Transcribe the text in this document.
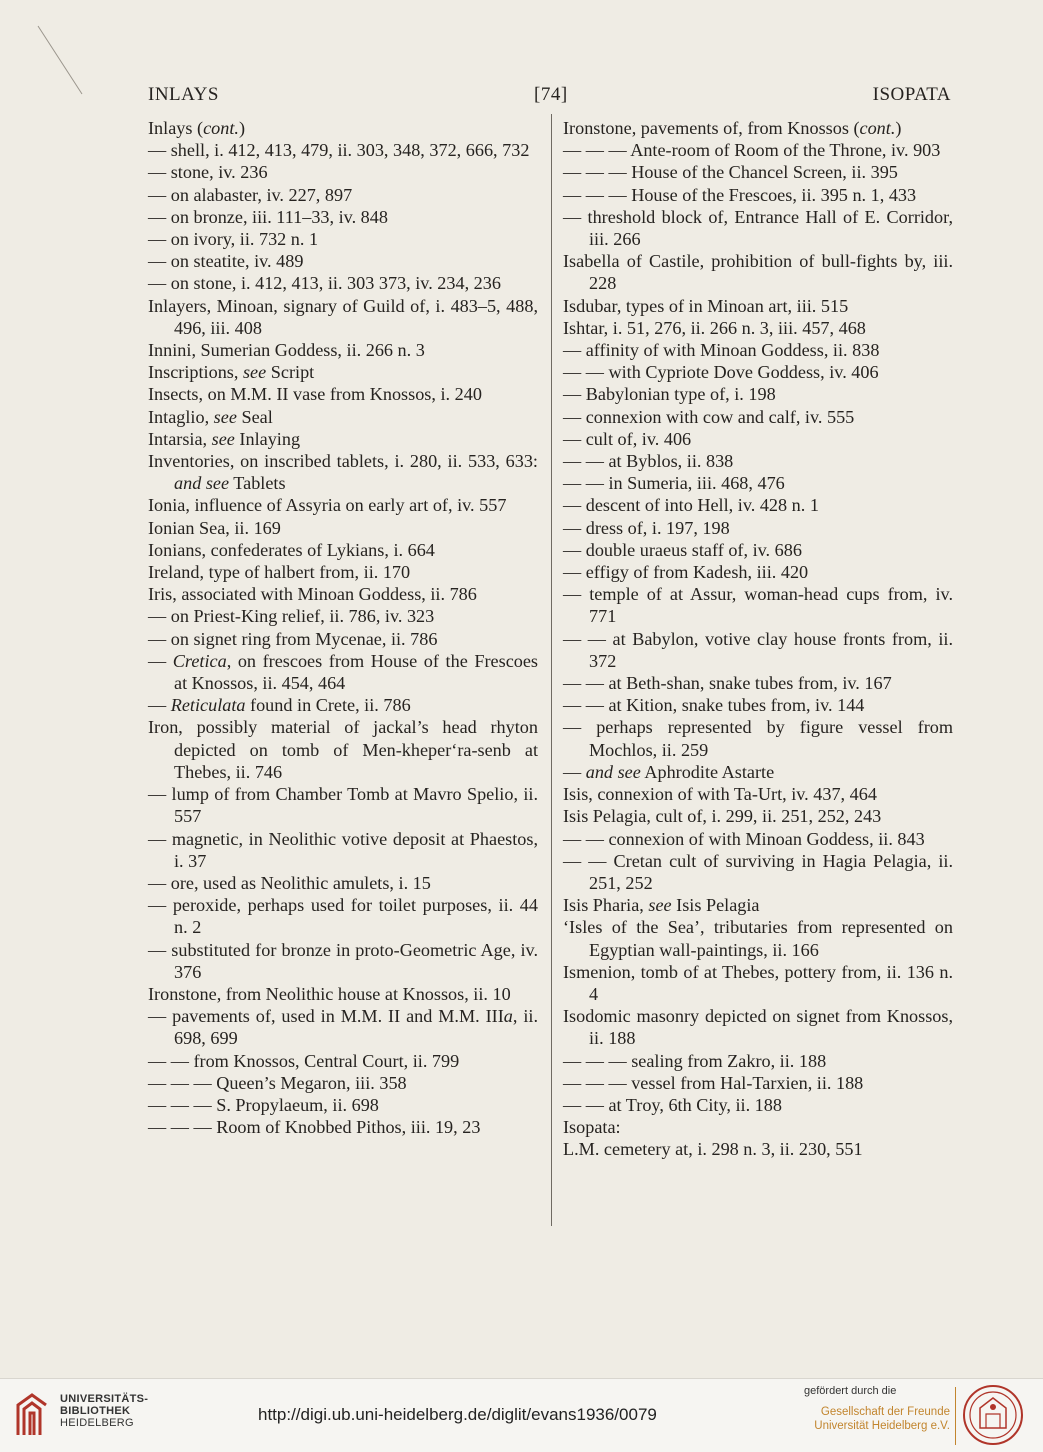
INLAYS	[74]	ISOPATA
Inlays (cont.)
— shell, i. 412, 413, 479, ii. 303, 348, 372, 666, 732
— stone, iv. 236
— on alabaster, iv. 227, 897
— on bronze, iii. 111–33, iv. 848
— on ivory, ii. 732 n. 1
— on steatite, iv. 489
— on stone, i. 412, 413, ii. 303 373, iv. 234, 236
Inlayers, Minoan, signary of Guild of, i. 483–5, 488, 496, iii. 408
Innini, Sumerian Goddess, ii. 266 n. 3
Inscriptions, see Script
Insects, on M.M. II vase from Knossos, i. 240
Intaglio, see Seal
Intarsia, see Inlaying
Inventories, on inscribed tablets, i. 280, ii. 533, 633: and see Tablets
Ionia, influence of Assyria on early art of, iv. 557
Ionian Sea, ii. 169
Ionians, confederates of Lykians, i. 664
Ireland, type of halbert from, ii. 170
Iris, associated with Minoan Goddess, ii. 786
— on Priest-King relief, ii. 786, iv. 323
— on signet ring from Mycenae, ii. 786
— Cretica, on frescoes from House of the Frescoes at Knossos, ii. 454, 464
— Reticulata found in Crete, ii. 786
Iron, possibly material of jackal’s head rhyton depicted on tomb of Men-kheper‘ra-senb at Thebes, ii. 746
— lump of from Chamber Tomb at Mavro Spelio, ii. 557
— magnetic, in Neolithic votive deposit at Phaestos, i. 37
— ore, used as Neolithic amulets, i. 15
— peroxide, perhaps used for toilet purposes, ii. 44 n. 2
— substituted for bronze in proto-Geometric Age, iv. 376
Ironstone, from Neolithic house at Knossos, ii. 10
— pavements of, used in M.M. II and M.M. IIIa, ii. 698, 699
— — from Knossos, Central Court, ii. 799
— — — Queen’s Megaron, iii. 358
— — — S. Propylaeum, ii. 698
— — — Room of Knobbed Pithos, iii. 19, 23
Ironstone, pavements of, from Knossos (cont.)
— — — Ante-room of Room of the Throne, iv. 903
— — — House of the Chancel Screen, ii. 395
— — — House of the Frescoes, ii. 395 n. 1, 433
— threshold block of, Entrance Hall of E. Corridor, iii. 266
Isabella of Castile, prohibition of bull-fights by, iii. 228
Isdubar, types of in Minoan art, iii. 515
Ishtar, i. 51, 276, ii. 266 n. 3, iii. 457, 468
— affinity of with Minoan Goddess, ii. 838
— — with Cypriote Dove Goddess, iv. 406
— Babylonian type of, i. 198
— connexion with cow and calf, iv. 555
— cult of, iv. 406
— — at Byblos, ii. 838
— — in Sumeria, iii. 468, 476
— descent of into Hell, iv. 428 n. 1
— dress of, i. 197, 198
— double uraeus staff of, iv. 686
— effigy of from Kadesh, iii. 420
— temple of at Assur, woman-head cups from, iv. 771
— — at Babylon, votive clay house fronts from, ii. 372
— — at Beth-shan, snake tubes from, iv. 167
— — at Kition, snake tubes from, iv. 144
— perhaps represented by figure vessel from Mochlos, ii. 259
— and see Aphrodite Astarte
Isis, connexion of with Ta-Urt, iv. 437, 464
Isis Pelagia, cult of, i. 299, ii. 251, 252, 243
— — connexion of with Minoan Goddess, ii. 843
— — Cretan cult of surviving in Hagia Pelagia, ii. 251, 252
Isis Pharia, see Isis Pelagia
‘Isles of the Sea’, tributaries from represented on Egyptian wall-paintings, ii. 166
Ismenion, tomb of at Thebes, pottery from, ii. 136 n. 4
Isodomic masonry depicted on signet from Knossos, ii. 188
— — — sealing from Zakro, ii. 188
— — — vessel from Hal-Tarxien, ii. 188
— — at Troy, 6th City, ii. 188
Isopata:
L.M. cemetery at, i. 298 n. 3, ii. 230, 551
UNIVERSITÄTS-
BIBLIOTHEK
HEIDELBERG	http://digi.ub.uni-heidelberg.de/diglit/evans1936/0079
gefördert durch die
Gesellschaft der Freunde
Universität Heidelberg e.V.
